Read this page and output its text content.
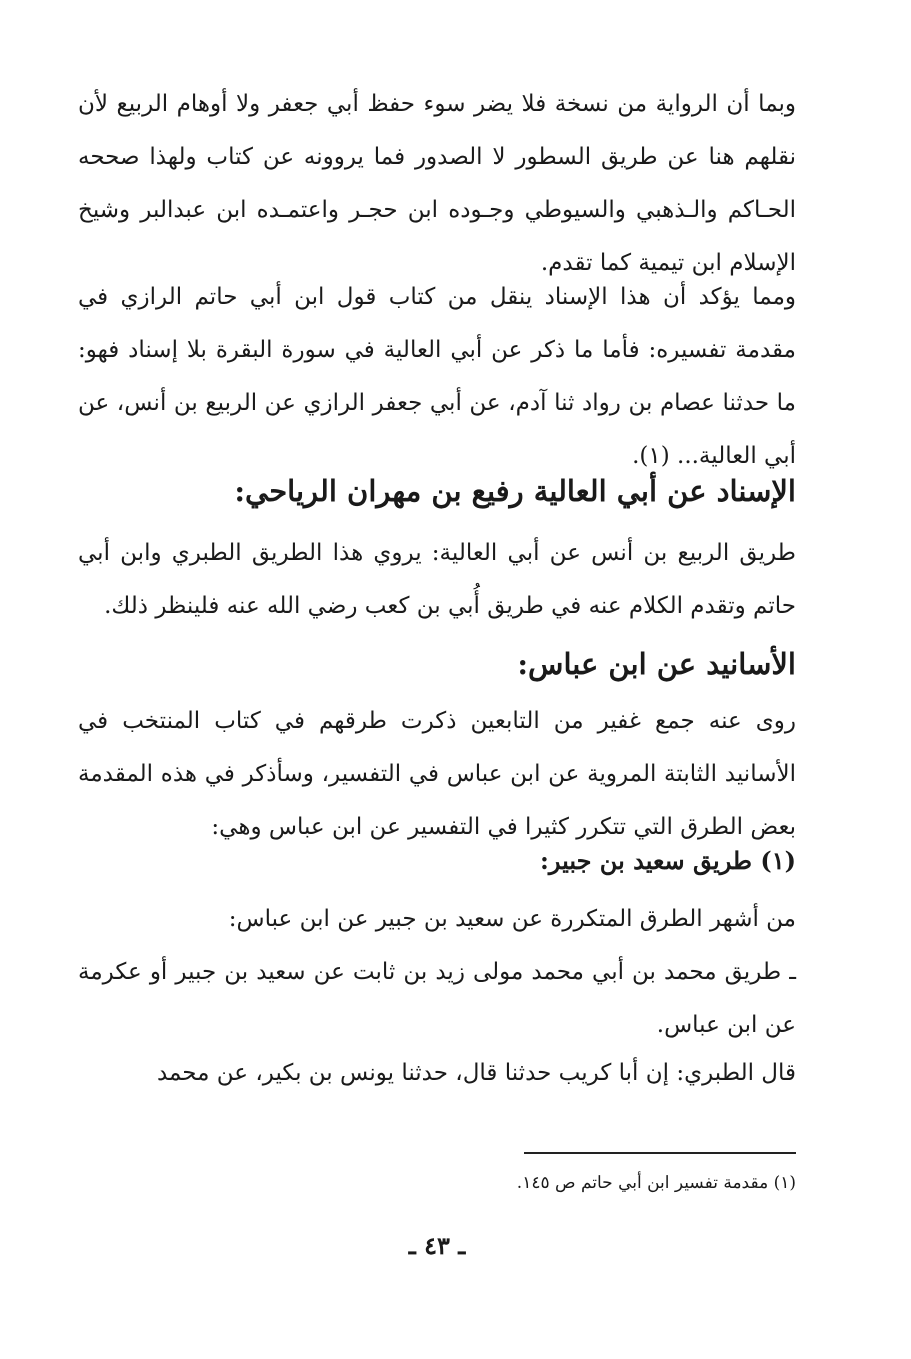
وبما أن الرواية من نسخة فلا يضر سوء حفظ أبي جعفر ولا أوهام الربيع لأن نقلهم هنا عن طريق السطور لا الصدور فما يروونه عن كتاب ولهذا صححه الحـاكم والـذهبي والسيوطي وجـوده ابن حجـر واعتمـده ابن عبدالبر وشيخ الإسلام ابن تيمية كما تقدم.

ومما يؤكد أن هذا الإسناد ينقل من كتاب قول ابن أبي حاتم الرازي في مقدمة تفسيره: فأما ما ذكر عن أبي العالية في سورة البقرة بلا إسناد فهو: ما حدثنا عصام بن رواد ثنا آدم، عن أبي جعفر الرازي عن الربيع بن أنس، عن أبي العالية... (١).

الإسناد عن أبي العالية رفيع بن مهران الرياحي:

طريق الربيع بن أنس عن أبي العالية: يروي هذا الطريق الطبري وابن أبي حاتم وتقدم الكلام عنه في طريق أُبي بن كعب رضي الله عنه فلينظر ذلك.

الأسانيد عن ابن عباس:

روى عنه جمع غفير من التابعين ذكرت طرقهم في كتاب المنتخب في الأسانيد الثابتة المروية عن ابن عباس في التفسير، وسأذكر في هذه المقدمة بعض الطرق التي تتكرر كثيرا في التفسير عن ابن عباس وهي:

(١) طريق سعيد بن جبير:

من أشهر الطرق المتكررة عن سعيد بن جبير عن ابن عباس:

ـ طريق محمد بن أبي محمد مولى زيد بن ثابت عن سعيد بن جبير أو عكرمة عن ابن عباس.

قال الطبري: إن أبا كريب حدثنا قال، حدثنا يونس بن بكير، عن محمد

(١) مقدمة تفسير ابن أبي حاتم ص ١٤٥.

ـ ٤٣ ـ
